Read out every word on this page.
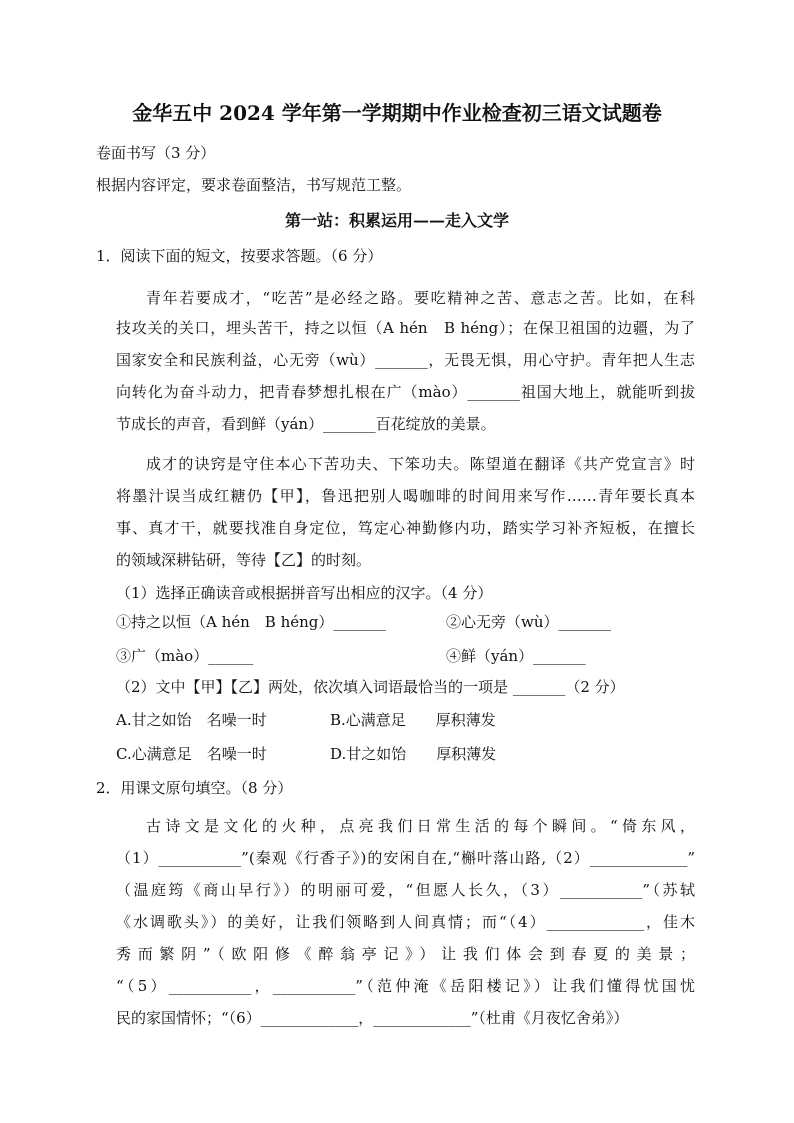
金华五中 2024 学年第一学期期中作业检查初三语文试题卷
卷面书写（3 分）
根据内容评定，要求卷面整洁，书写规范工整。
第一站：积累运用——走入文学
1．阅读下面的短文，按要求答题。（6 分）
青年若要成才，“吃苦”是必经之路。要吃精神之苦、意志之苦。比如，在科
技攻关的关口，埋头苦干，持之以恒（A hén　B héng）；在保卫祖国的边疆，为了
国家安全和民族利益，心无旁（wù）_______，无畏无惧，用心守护。青年把人生志
向转化为奋斗动力，把青春梦想扎根在广（mào）_______祖国大地上，就能听到拔
节成长的声音，看到鲜（yán）_______百花绽放的美景。
成才的诀窍是守住本心下苦功夫、下笨功夫。陈望道在翻译《共产党宣言》时
将墨汁误当成红糖仍【甲】，鲁迅把别人喝咖啡的时间用来写作……青年要长真本
事、真才干，就要找准自身定位，笃定心神勤修内功，踏实学习补齐短板，在擅长
的领域深耕钻研，等待【乙】的时刻。
（1）选择正确读音或根据拼音写出相应的汉字。（4 分）
①持之以恒（A hén　B héng）_______	②心无旁（wù）_______
③广（mào）______	④鲜（yán）_______
（2）文中【甲】【乙】两处，依次填入词语最恰当的一项是 _______（2 分）
A.甘之如饴　名噪一时	B.心满意足　　厚积薄发
C.心满意足　名噪一时	D.甘之如饴　　厚积薄发
2．用课文原句填空。（8 分）
古诗文是文化的火种，点亮我们日常生活的每个瞬间。“倚东风，
（1）___________”(秦观《行香子》)的安闲自在,“槲叶落山路,（2）_____________”
（温庭筠《商山早行》）的明丽可爱，“但愿人长久，（3）___________”（苏轼
《水调歌头》）的美好，让我们领略到人间真情；而“（4）_____________，佳木
秀而繁阴”（欧阳修《醉翁亭记》）让我们体会到春夏的美景；
“（5）___________，___________”（范仲淹《岳阳楼记》）让我们懂得忧国忧
民的家国情怀；“（6）_____________，_____________”（杜甫《月夜忆舍弟》）
